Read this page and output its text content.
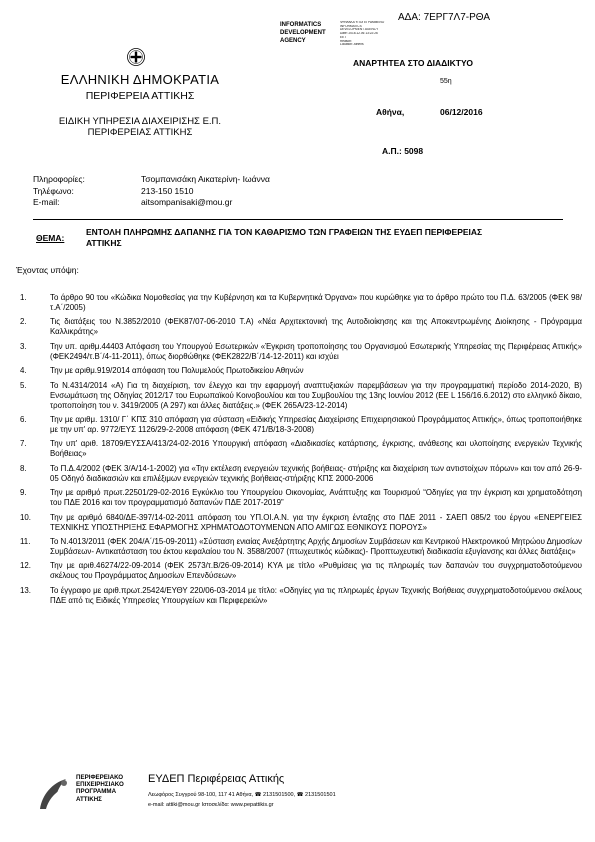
ΑΔΑ: 7ΕΡΓ7Λ7-ΡΘΑ
INFORMATICS
DEVELOPMENT
AGENCY
ΨΗΦΙΑΚΑ ΥΠΟΓΕΓΡΑΜΜΕΝΟ
INFORMATICS
DEVELOPMENT AGENCY
Date: 2016.12.06 13:22:26
EET
Reason:
Location: Athens
ΑΝΑΡΤΗΤΕΑ ΣΤΟ ΔΙΑΔΙΚΤΥΟ
55η
ΕΛΛΗΝΙΚΗ ΔΗΜΟΚΡΑΤΙΑ
ΠΕΡΙΦΕΡΕΙΑ ΑΤΤΙΚΗΣ
Αθήνα,	06/12/2016
ΕΙΔΙΚΗ ΥΠΗΡΕΣΙΑ ΔΙΑΧΕΙΡΙΣΗΣ Ε.Π.
ΠΕΡΙΦΕΡΕΙΑΣ ΑΤΤΙΚΗΣ
Α.Π.: 5098
Πληροφορίες:	Τσομπανισάκη Αικατερίνη- Ιωάννα
Τηλέφωνο:	213-150 1510
E-mail:	aitsompanisaki@mou.gr
ΘΕΜΑ:
ΕΝΤΟΛΗ ΠΛΗΡΩΜΗΣ ΔΑΠΑΝΗΣ ΓΙΑ ΤΟΝ ΚΑΘΑΡΙΣΜΟ ΤΩΝ ΓΡΑΦΕΙΩΝ ΤΗΣ ΕΥΔΕΠ ΠΕΡΙΦΕΡΕΙΑΣ ΑΤΤΙΚΗΣ
Έχοντας υπόψη:
1.	Το άρθρο 90 του «Κώδικα Νομοθεσίας για την Κυβέρνηση και τα Κυβερνητικά Όργανα» που κυρώθηκε για το άρθρο πρώτο του Π.Δ. 63/2005 (ΦΕΚ 98/τ.Α΄/2005)
2.	Τις διατάξεις του Ν.3852/2010 (ΦΕΚ87/07-06-2010 Τ.Α) «Νέα Αρχιτεκτονική της Αυτοδιοίκησης και της Αποκεντρωμένης Διοίκησης - Πρόγραμμα Καλλικράτης»
3.	Την υπ. αριθμ.44403 Απόφαση του Υπουργού Εσωτερικών «Έγκριση τροποποίησης του Οργανισμού Εσωτερικής Υπηρεσίας της Περιφέρειας Αττικής» (ΦΕΚ2494/τ.Β΄/4-11-2011), όπως διορθώθηκε (ΦΕΚ2822/Β΄/14-12-2011) και ισχύει
4.	Την με αριθμ.919/2014 απόφαση του Πολυμελούς Πρωτοδικείου Αθηνών
5.	Το Ν.4314/2014 «Α) Για τη διαχείριση, τον έλεγχο και την εφαρμογή αναπτυξιακών παρεμβάσεων για την προγραμματική περίοδο 2014-2020, Β) Ενσωμάτωση της Οδηγίας 2012/17 του Ευρωπαϊκού Κοινοβουλίου και του Συμβουλίου της 13ης Ιουνίου 2012 (ΕΕ L 156/16.6.2012) στο ελληνικό δίκαιο, τροποποίηση του ν. 3419/2005 (Α 297) και άλλες διατάξεις.» (ΦΕΚ 265Α/23-12-2014)
6.	Την με αριθμ. 1310/ Γ΄ ΚΠΣ 310 απόφαση για σύσταση «Ειδικής Υπηρεσίας Διαχείρισης Επιχειρησιακού Προγράμματος Αττικής», όπως τροποποιήθηκε με την υπ' αρ. 9772/ΕΥΣ 1126/29-2-2008 απόφαση (ΦΕΚ 471/Β/18-3-2008)
7.	Την υπ' αριθ. 18709/ΕΥΣΣΑ/413/24-02-2016 Υπουργική απόφαση «Διαδικασίες κατάρτισης, έγκρισης, ανάθεσης και υλοποίησης ενεργειών Τεχνικής Βοήθειας»
8.	Το Π.Δ.4/2002 (ΦΕΚ 3/Α/14-1-2002) για «Την εκτέλεση ενεργειών τεχνικής βοήθειας- στήριξης και διαχείριση των αντιστοίχων πόρων» και τον από 26-9-05 Οδηγό διαδικασιών και επιλέξιμων ενεργειών τεχνικής βοήθειας-στήριξης ΚΠΣ 2000-2006
9.	Την με αριθμό πρωτ.22501/29-02-2016 Εγκύκλιο του Υπουργείου Οικονομίας, Ανάπτυξης και Τουρισμού “Οδηγίες για την έγκριση και χρηματοδότηση του ΠΔΕ 2016 και τον προγραμματισμό δαπανών ΠΔΕ 2017-2019”
10. Την με αριθμό 6840/ΔΕ-397/14-02-2011 απόφαση του ΥΠ.ΟΙ.Α.Ν. για την έγκριση ένταξης στο ΠΔΕ 2011 - ΣΑΕΠ 085/2 του έργου «ΕΝΕΡΓΕΙΕΣ ΤΕΧΝΙΚΗΣ ΥΠΟΣΤΗΡΙΞΗΣ ΕΦΑΡΜΟΓΗΣ ΧΡΗΜΑΤΟΔΟΤΟΥΜΕΝΩΝ ΑΠΟ ΑΜΙΓΩΣ ΕΘΝΙΚΟΥΣ ΠΟΡΟΥΣ»
11. Το Ν.4013/2011 (ΦΕΚ 204/Α΄/15-09-2011) «Σύσταση ενιαίας Ανεξάρτητης Αρχής Δημοσίων Συμβάσεων και Κεντρικού Ηλεκτρονικού Μητρώου Δημοσίων Συμβάσεων- Αντικατάσταση του έκτου κεφαλαίου του Ν. 3588/2007 (πτωχευτικός κώδικας)- Προπτωχευτική διαδικασία εξυγίανσης και άλλες διατάξεις»
12. Την με αριθ.46274/22-09-2014 (ΦΕΚ 2573/τ.Β/26-09-2014) ΚΥΑ με τίτλο «Ρυθμίσεις για τις πληρωμές των δαπανών του συγχρηματοδοτούμενου σκέλους του Προγράμματος Δημοσίων Επενδύσεων»
13. Το έγγραφο με αριθ.πρωτ.25424/ΕΥΘΥ 220/06-03-2014 με τίτλο: «Οδηγίες για τις πληρωμές έργων Τεχνικής Βοήθειας συγχρηματοδοτούμενου σκέλους ΠΔΕ από τις Ειδικές Υπηρεσίες Υπουργείων και Περιφερειών»
ΠΕΡΙΦΕΡΕΙΑΚΟ
ΕΠΙΧΕΙΡΗΣΙΑΚΟ
ΠΡΟΓΡΑΜΜΑ
ΑΤΤΙΚΗΣ
ΕΥΔΕΠ Περιφέρειας Αττικής
Λεωφόρος Συγγρού 98-100, 117 41 Αθήνα, ☎ 2131501500, ☎ 2131501501
e-mail: attiki@mou.gr Ιστοσελίδα: www.pepattikis.gr
